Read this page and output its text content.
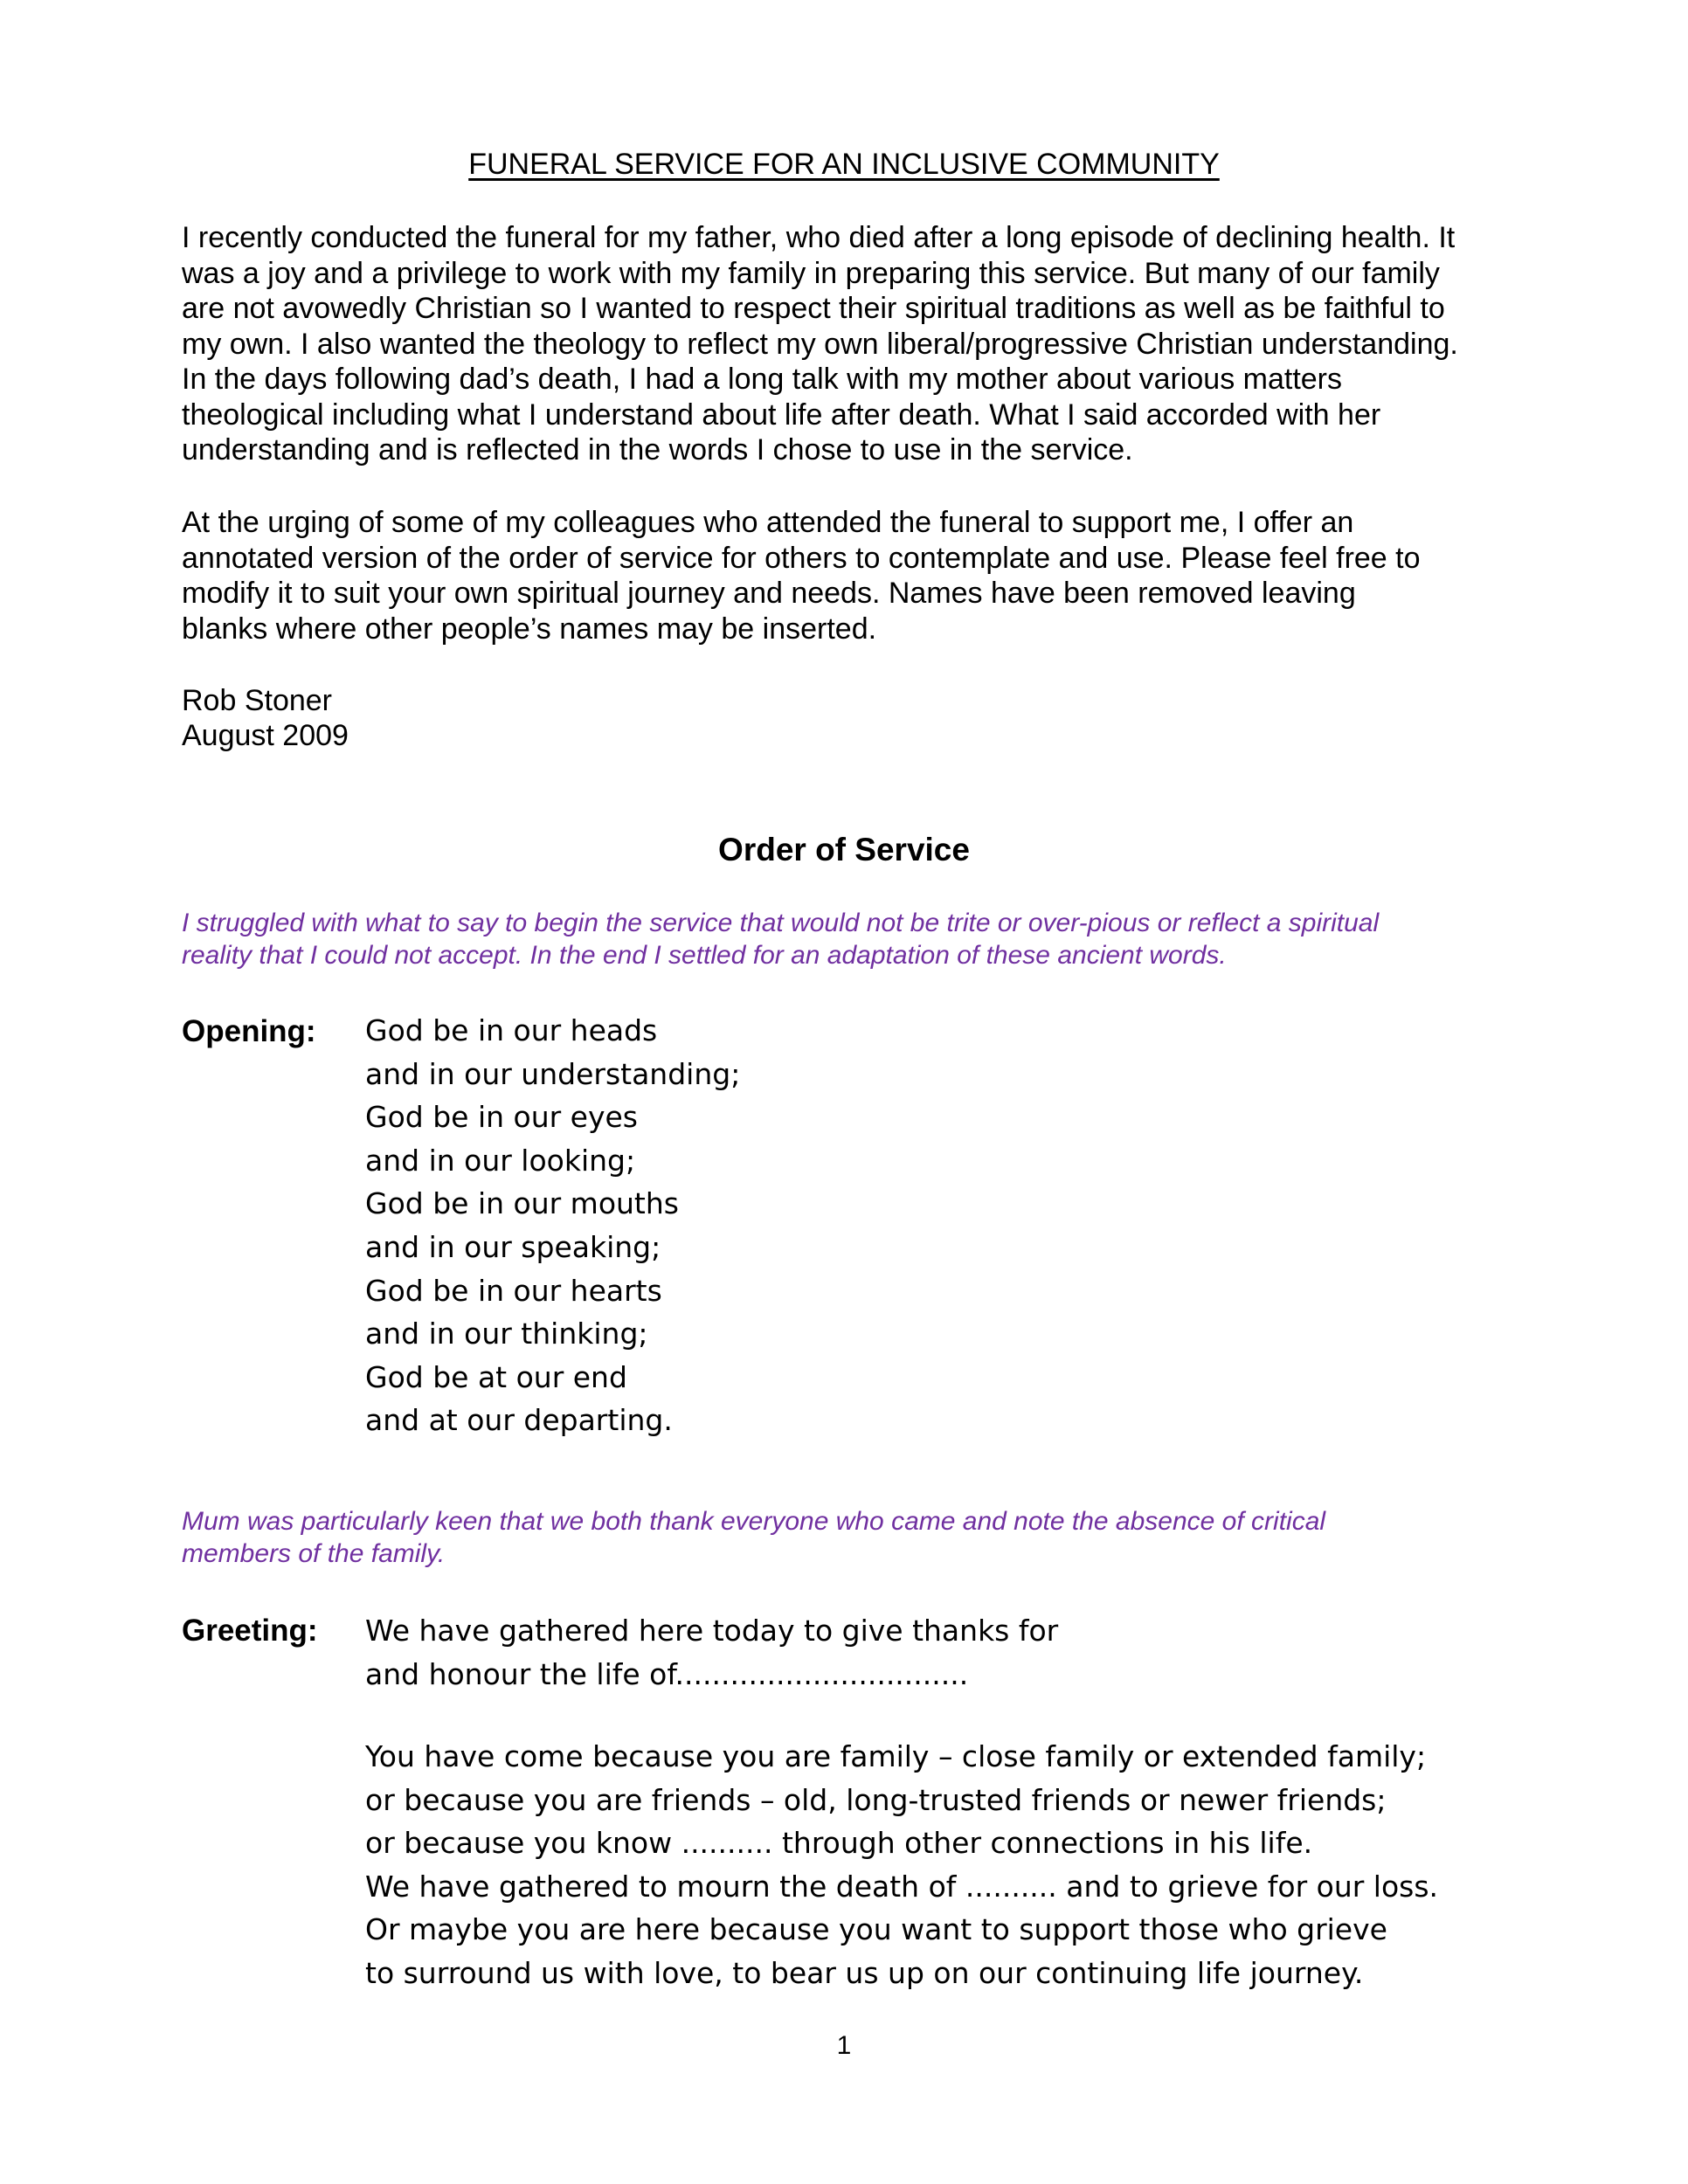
FUNERAL SERVICE FOR AN INCLUSIVE COMMUNITY

I recently conducted the funeral for my father, who died after a long episode of declining health. It
was a joy and a privilege to work with my family in preparing this service. But many of our family
are not avowedly Christian so I wanted to respect their spiritual traditions as well as be faithful to
my own. I also wanted the theology to reflect my own liberal/progressive Christian understanding.
In the days following dad’s death, I had a long talk with my mother about various matters
theological including what I understand about life after death. What I said accorded with her
understanding and is reflected in the words I chose to use in the service.

At the urging of some of my colleagues who attended the funeral to support me, I offer an
annotated version of the order of service for others to contemplate and use. Please feel free to
modify it to suit your own spiritual journey and needs. Names have been removed leaving
blanks where other people’s names may be inserted.

Rob Stoner
August 2009
Order of Service

I struggled with what to say to begin the service that would not be trite or over-pious or reflect a spiritual
reality that I could not accept. In the end I settled for an adaptation of these ancient words.

Opening: God be in our heads
and in our understanding;
God be in our eyes
and in our looking;
God be in our mouths
and in our speaking;
God be in our hearts
and in our thinking;
God be at our end
and at our departing.

Mum was particularly keen that we both thank everyone who came and note the absence of critical
members of the family.

Greeting: We have gathered here today to give thanks for
and honour the life of................................
You have come because you are family – close family or extended family;
or because you are friends – old, long-trusted friends or newer friends;
or because you know .......... through other connections in his life.
We have gathered to mourn the death of .......... and to grieve for our loss.
Or maybe you are here because you want to support those who grieve
to surround us with love, to bear us up on our continuing life journey.
1
